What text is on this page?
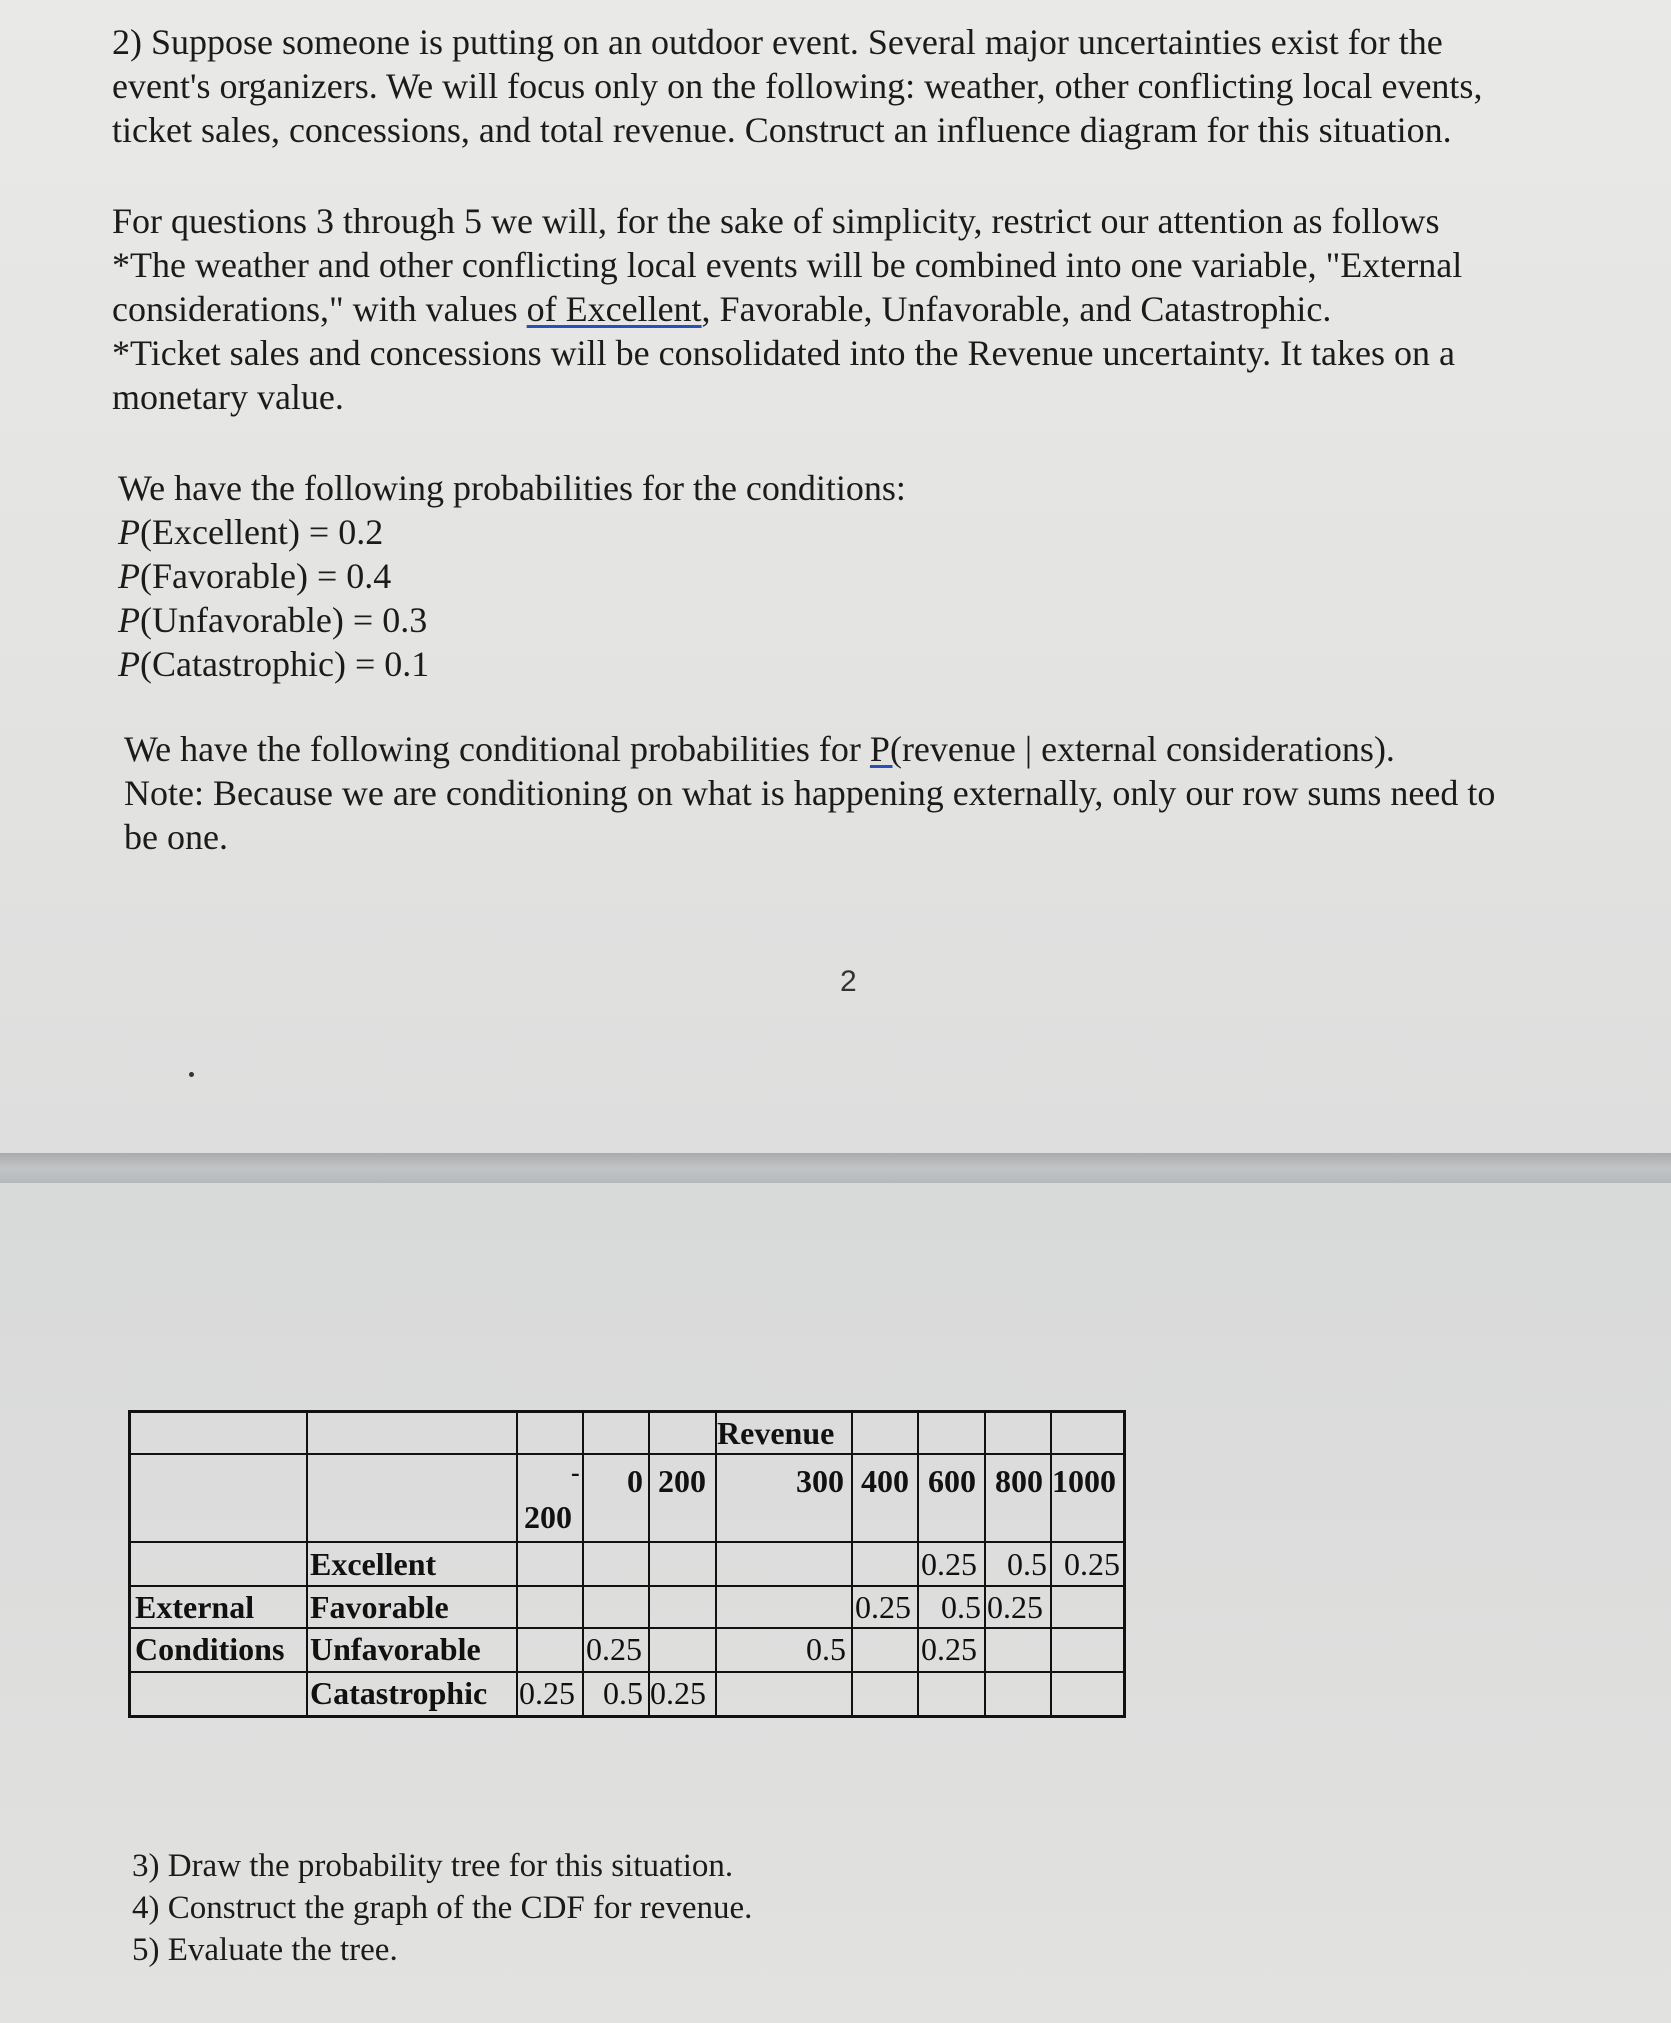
2) Suppose someone is putting on an outdoor event. Several major uncertainties exist for the
event's organizers. We will focus only on the following: weather, other conflicting local events,
ticket sales, concessions, and total revenue. Construct an influence diagram for this situation.
For questions 3 through 5 we will, for the sake of simplicity, restrict our attention as follows
*The weather and other conflicting local events will be combined into one variable, "External
considerations," with values of Excellent, Favorable, Unfavorable, and Catastrophic.
*Ticket sales and concessions will be consolidated into the Revenue uncertainty. It takes on a
monetary value.
We have the following probabilities for the conditions:
P(Excellent) = 0.2
P(Favorable) = 0.4
P(Unfavorable) = 0.3
P(Catastrophic) = 0.1
We have the following conditional probabilities for P(revenue | external considerations).
Note: Because we are conditioning on what is happening externally, only our row sums need to
be one.
2
Revenue
-
200
0 200	300 400 600 800 1000
External
Conditions
Excellent
Favorable
Unfavorable
Catastrophic
0.25 0.5 0.25
0.25 0.5 0.25
0.25	0.5 0.25
0.25 0.5 0.25
3) Draw the probability tree for this situation.
4) Construct the graph of the CDF for revenue.
5) Evaluate the tree.
